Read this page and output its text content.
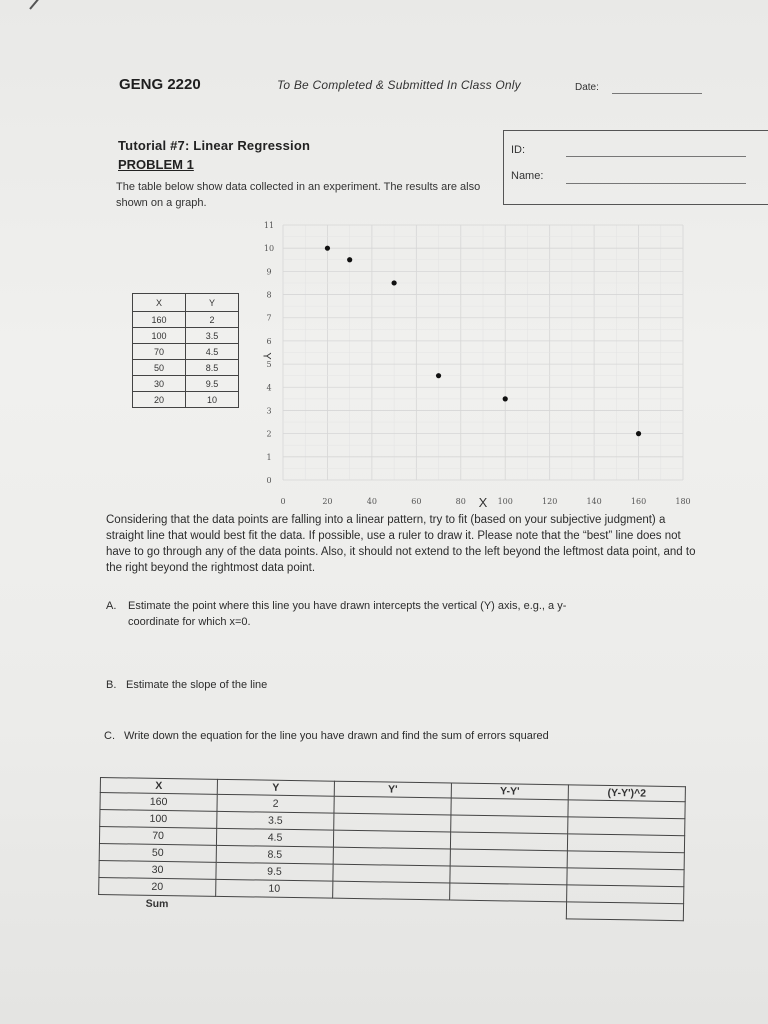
GENG 2220	To Be Completed & Submitted In Class Only	Date:
Tutorial #7: Linear Regression
PROBLEM 1
The table below show data collected in an experiment. The results are also shown on a graph.
ID:
Name:
X	Y
160	2
100	3.5
70	4.5
50	8.5
30	9.5
20	10
0
1
2
3
4
5
6
7
8
9
10
11
0	20	40	60	80	100	120	140	160	180
X
Y
Considering that the data points are falling into a linear pattern, try to fit (based on your subjective judgment) a straight line that would best fit the data. If possible, use a ruler to draw it. Please note that the “best” line does not have to go through any of the data points. Also, it should not extend to the left beyond the leftmost data point, and to the right beyond the rightmost data point.
A. Estimate the point where this line you have drawn intercepts the vertical (Y) axis, e.g., a y-
coordinate for which x=0.
B. Estimate the slope of the line
C. Write down the equation for the line you have drawn and find the sum of errors squared
X	Y	Y'	Y-Y'	(Y-Y')^2
160	2			
100	3.5			
70	4.5			
50	8.5			
30	9.5			
20	10			
Sum				
